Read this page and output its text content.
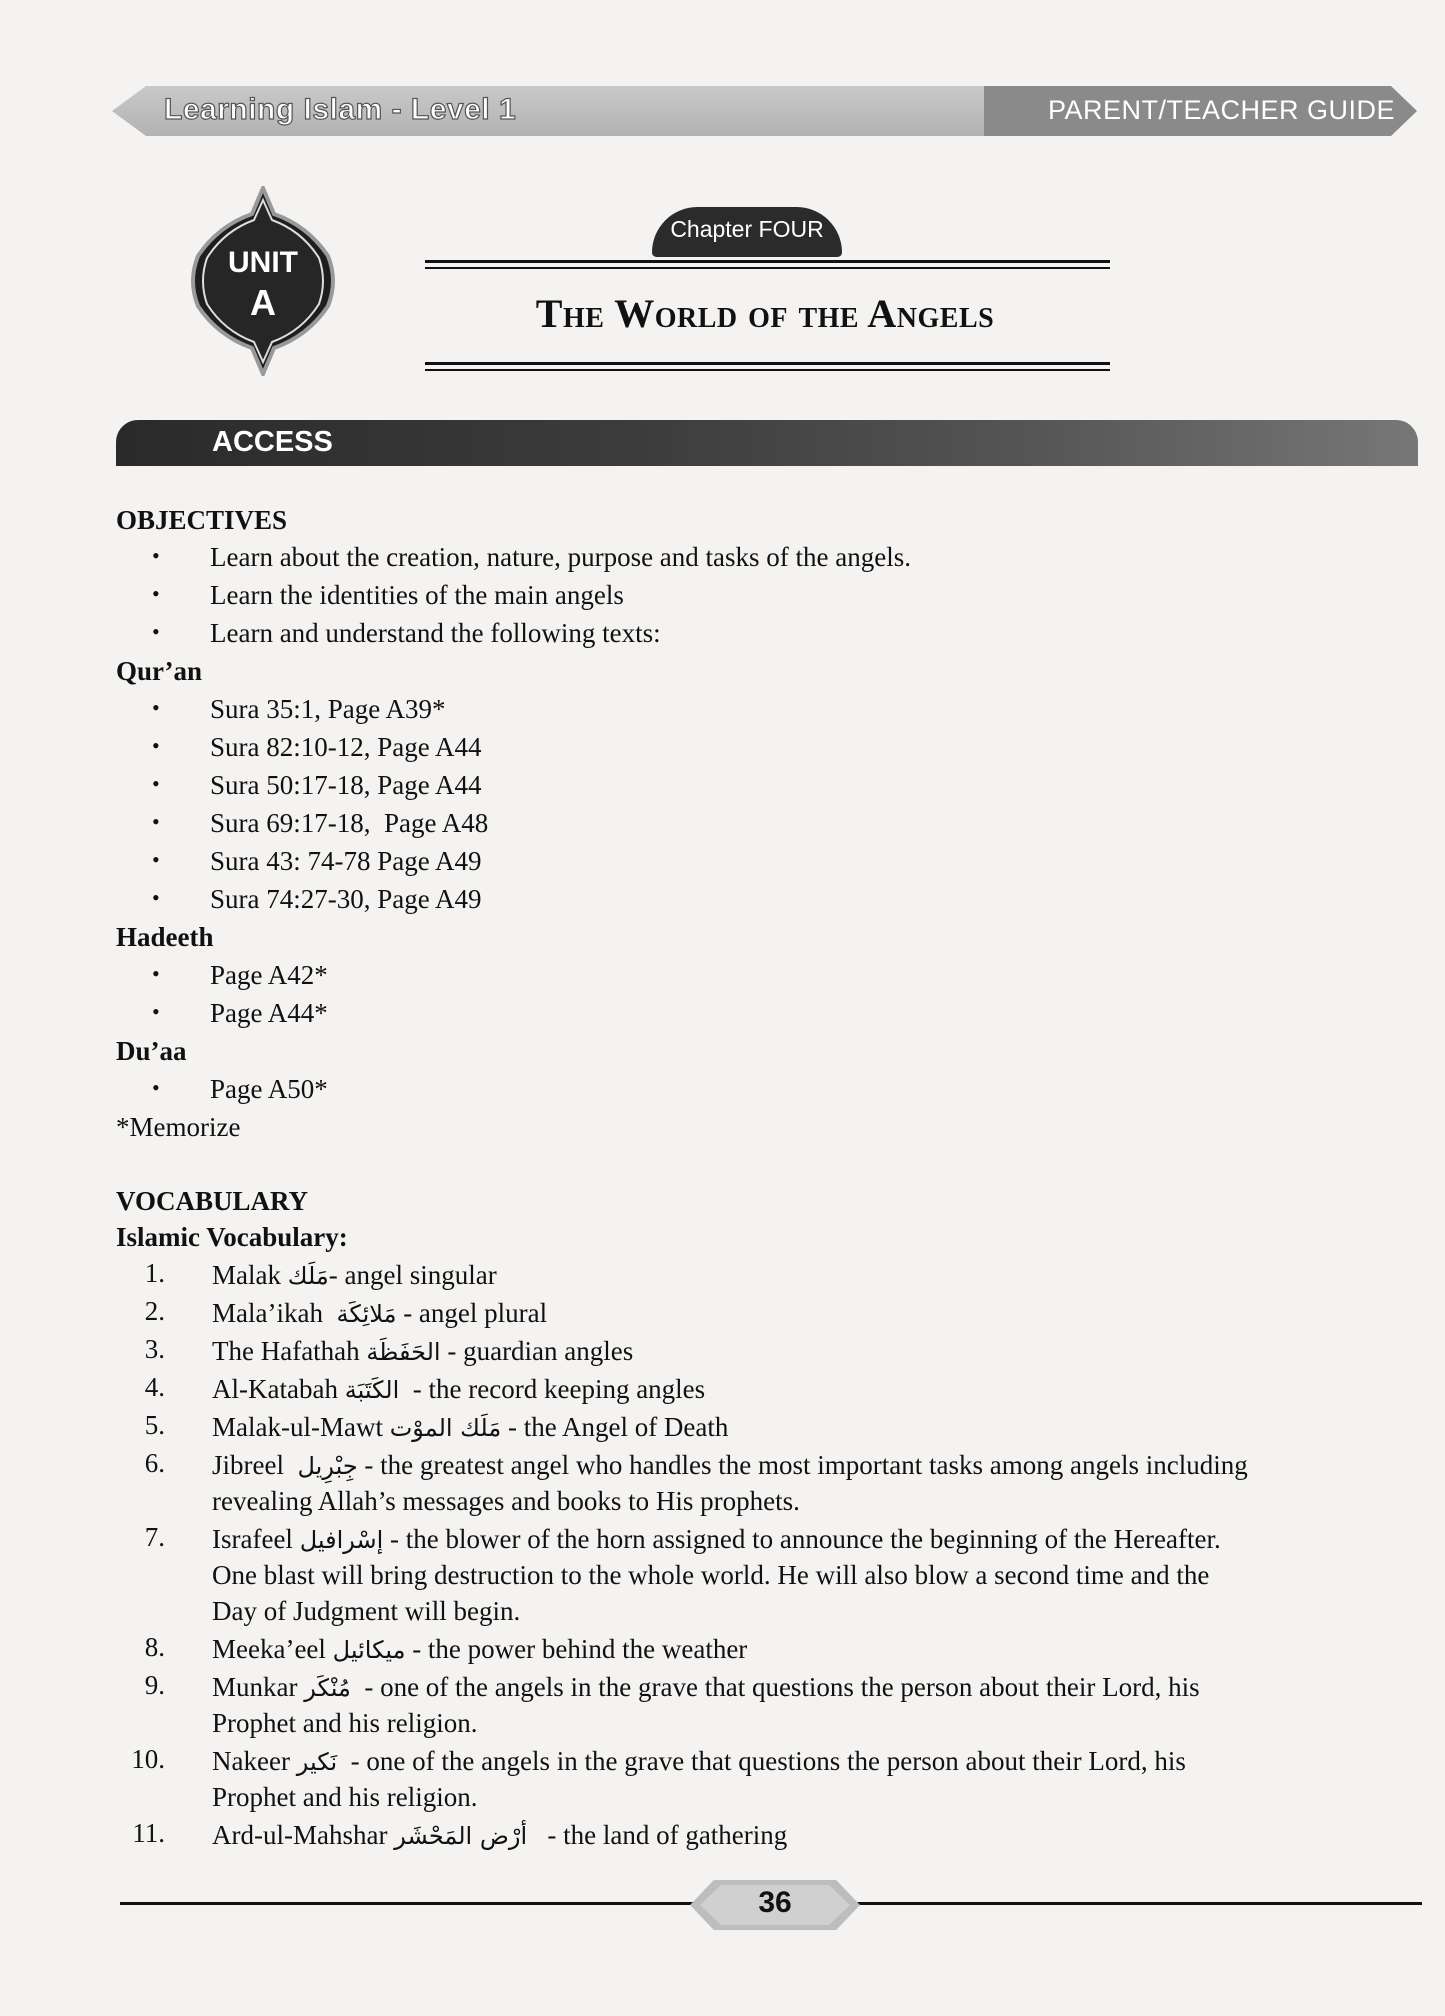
Learning Islam - Level 1	PARENT/TEACHER GUIDE
UNIT
A
Chapter FOUR
The World of the Angels
ACCESS
OBJECTIVES
• Learn about the creation, nature, purpose and tasks of the angels.
• Learn the identities of the main angels
• Learn and understand the following texts:
Qur’an
• Sura 35:1, Page A39*
• Sura 82:10-12, Page A44
• Sura 50:17-18, Page A44
• Sura 69:17-18,  Page A48
• Sura 43: 74-78 Page A49
• Sura 74:27-30, Page A49
Hadeeth
• Page A42*
• Page A44*
Du’aa
• Page A50*
*Memorize
VOCABULARY
Islamic Vocabulary:
1. Malak مَلَك- angel singular
2. Mala’ikah مَلائِكَة - angel plural
3. The Hafathah الحَفَظَة - guardian angles
4. Al-Katabah الكَتَبَة - the record keeping angles
5. Malak-ul-Mawt مَلَك الموْت - the Angel of Death
6. Jibreel جِبْرِيل - the greatest angel who handles the most important tasks among angels including
revealing Allah’s messages and books to His prophets.
7. Israfeel إسْرافيل - the blower of the horn assigned to announce the beginning of the Hereafter.
One blast will bring destruction to the whole world. He will also blow a second time and the
Day of Judgment will begin.
8. Meeka’eel ميكائيل - the power behind the weather
9. Munkar مُنْكَر - one of the angels in the grave that questions the person about their Lord, his
Prophet and his religion.
10. Nakeer نَكير - one of the angels in the grave that questions the person about their Lord, his
Prophet and his religion.
11. Ard-ul-Mahshar أرْض المَحْشَر - the land of gathering
36
